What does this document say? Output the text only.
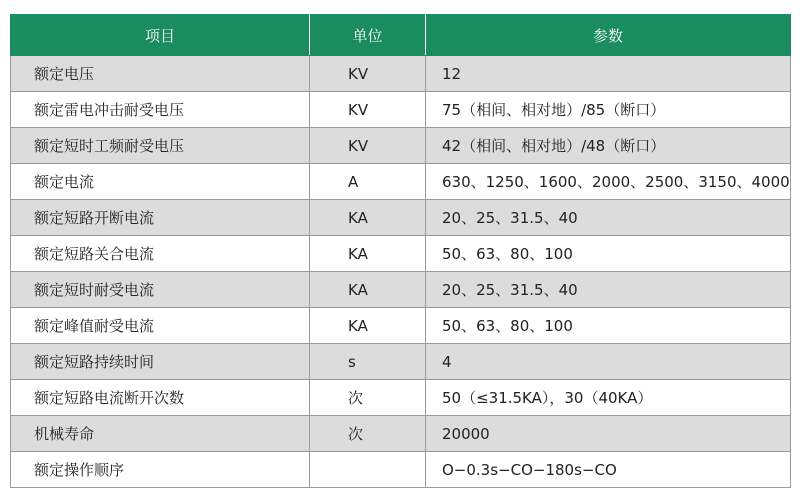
项目	单位	参数
额定电压	KV	12
额定雷电冲击耐受电压	KV	75（相间、相对地）/85（断口）
额定短时工频耐受电压	KV	42（相间、相对地）/48（断口）
额定电流	A	630、1250、1600、2000、2500、3150、4000
额定短路开断电流	KA	20、25、31.5、40
额定短路关合电流	KA	50、63、80、100
额定短时耐受电流	KA	20、25、31.5、40
额定峰值耐受电流	KA	50、63、80、100
额定短路持续时间	s	4
额定短路电流断开次数	次	50（≤31.5KA），30（40KA）
机械寿命	次	20000
额定操作顺序		O−0.3s−CO−180s−CO
